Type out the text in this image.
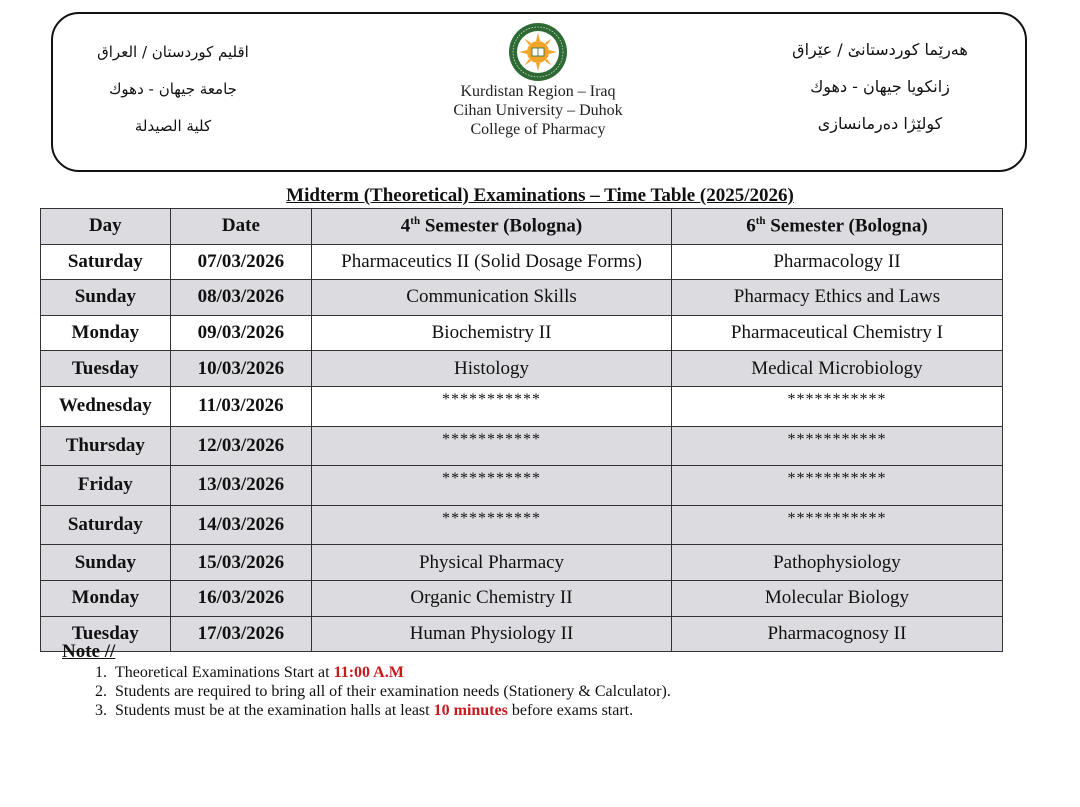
اقليم كوردستان / العراق
جامعة جيهان - دهوك
كلية الصيدلة
Kurdistan Region – Iraq
Cihan University – Duhok
College of Pharmacy
هەرێما کوردستانێ / عێراق
زانكویا جیهان - دهوك
كولێژا دەرمانسازی
Midterm (Theoretical) Examinations – Time Table (2025/2026)
Day	Date	4th Semester (Bologna)	6th Semester (Bologna)
Saturday	07/03/2026	Pharmaceutics II (Solid Dosage Forms)	Pharmacology II
Sunday	08/03/2026	Communication Skills	Pharmacy Ethics and Laws
Monday	09/03/2026	Biochemistry II	Pharmaceutical Chemistry I
Tuesday	10/03/2026	Histology	Medical Microbiology
Wednesday	11/03/2026	***********	***********
Thursday	12/03/2026	***********	***********
Friday	13/03/2026	***********	***********
Saturday	14/03/2026	***********	***********
Sunday	15/03/2026	Physical Pharmacy	Pathophysiology
Monday	16/03/2026	Organic Chemistry II	Molecular Biology
Tuesday	17/03/2026	Human Physiology II	Pharmacognosy II
Note //
1. Theoretical Examinations Start at 11:00 A.M
2. Students are required to bring all of their examination needs (Stationery & Calculator).
3. Students must be at the examination halls at least 10 minutes before exams start.
